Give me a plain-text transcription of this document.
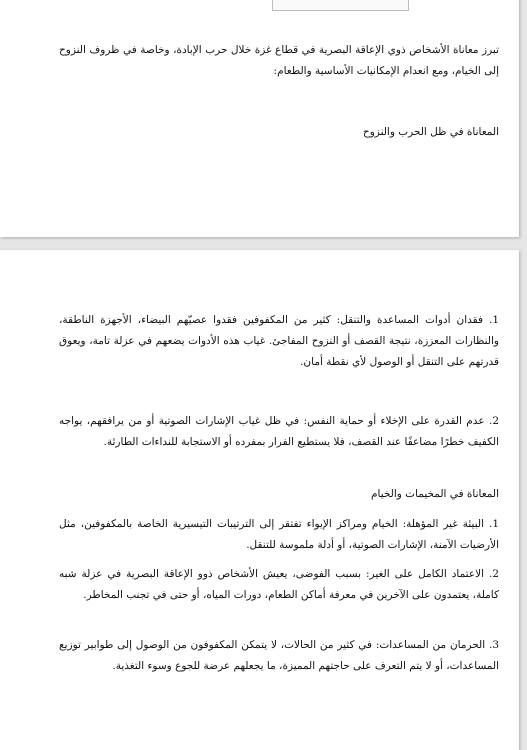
تبرز معاناة الأشخاص ذوي الإعاقة البصرية في قطاع غزة خلال حرب الإبادة، وخاصة في ظروف النزوح إلى الخيام، ومع انعدام الإمكانيات الأساسية والطعام:

المعاناة في ظل الحرب والنزوح

1. فقدان أدوات المساعدة والتنقل: كثير من المكفوفين فقدوا عصيّهم البيضاء، الأجهزة الناطقة، والنظارات المعززة، نتيجة القصف أو النزوح المفاجئ. غياب هذه الأدوات يضعهم في عزلة تامة، ويعوق قدرتهم على التنقل أو الوصول لأي نقطة أمان.

2. عدم القدرة على الإخلاء أو حماية النفس: في ظل غياب الإشارات الصوتية أو من يرافقهم، يواجه الكفيف خطرًا مضاعفًا عند القصف، فلا يستطيع الفرار بمفرده أو الاستجابة للنداءات الطارئة.

المعاناة في المخيمات والخيام

1. البيئة غير المؤهلة: الخيام ومراكز الإيواء تفتقر إلى الترتيبات التيسيرية الخاصة بالمكفوفين، مثل الأرضيات الآمنة، الإشارات الصوتية، أو أدلة ملموسة للتنقل.

2. الاعتماد الكامل على الغير: بسبب الفوضى، يعيش الأشخاص ذوو الإعاقة البصرية في عزلة شبه كاملة، يعتمدون على الآخرين في معرفة أماكن الطعام، دورات المياه، أو حتى في تجنب المخاطر.

3. الحرمان من المساعدات: في كثير من الحالات، لا يتمكن المكفوفون من الوصول إلى طوابير توزيع المساعدات، أو لا يتم التعرف على حاجتهم المميزة، ما يجعلهم عرضة للجوع وسوء التغذية.
